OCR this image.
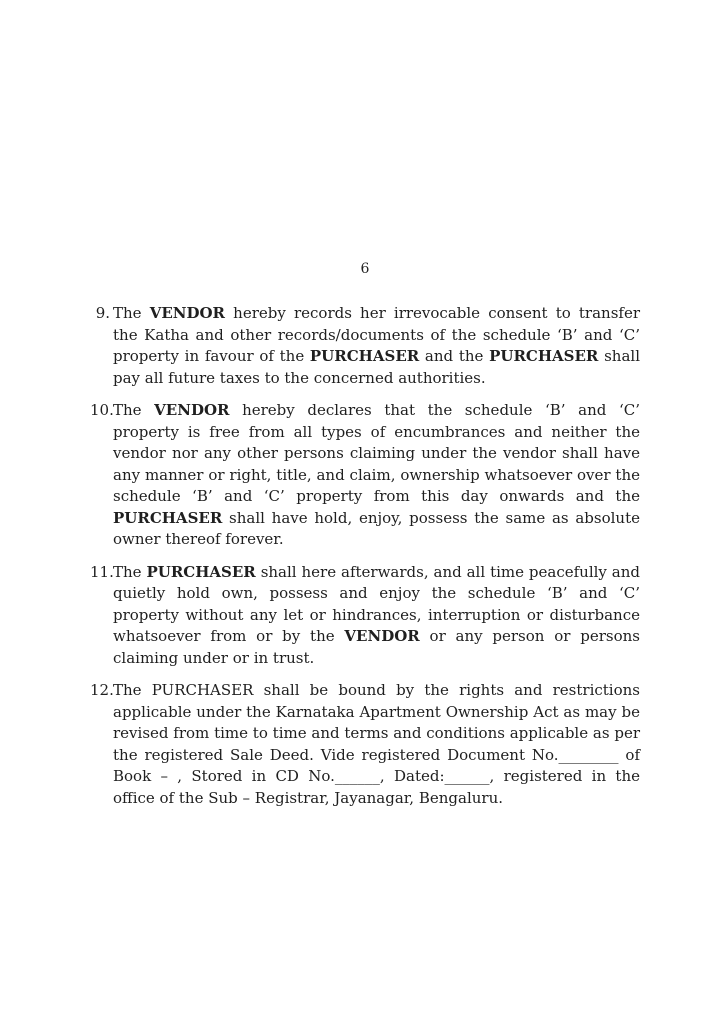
6
9. The VENDOR hereby records her irrevocable consent to transfer the Katha and other records/documents of the schedule ‘B’ and ‘C’ property in favour of the PURCHASER and the PURCHASER shall pay all future taxes to the concerned authorities.
10. The VENDOR hereby declares that the schedule ‘B’ and ‘C’ property is free from all types of encumbrances and neither the vendor nor any other persons claiming under the vendor shall have any manner or right, title, and claim, ownership whatsoever over the schedule ‘B’ and ‘C’ property from this day onwards and the PURCHASER shall have hold, enjoy, possess the same as absolute owner thereof forever.
11. The PURCHASER shall here afterwards, and all time peacefully and quietly hold own, possess and enjoy the schedule ‘B’ and ‘C’ property without any let or hindrances, interruption or disturbance whatsoever from or by the VENDOR or any person or persons claiming under or in trust.
12. The PURCHASER shall be bound by the rights and restrictions applicable under the Karnataka Apartment Ownership Act as may be revised from time to time and terms and conditions applicable as per the registered Sale Deed. Vide registered Document No.________ of Book – , Stored in CD No.______, Dated:______, registered in the office of the Sub – Registrar, Jayanagar, Bengaluru.
